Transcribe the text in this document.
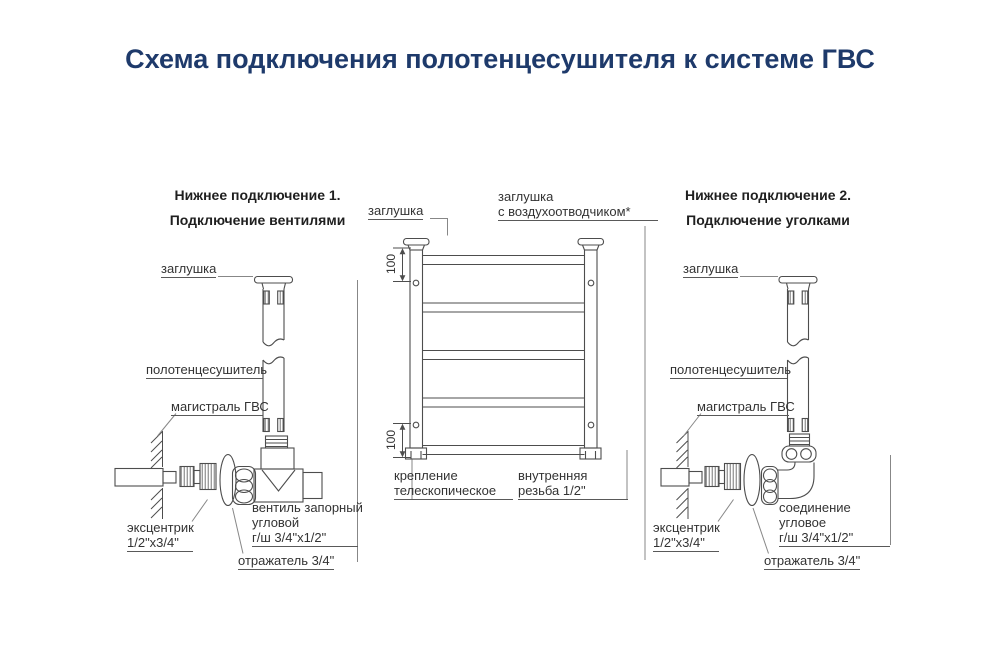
Схема подключения полотенцесушителя к системе ГВС
Нижнее подключение 1.
Подключение вентилями
Нижнее подключение 2.
Подключение уголками
заглушка
заглушка
с воздухоотводчиком*
100
100
крепление
телескопическое
внутренняя
резьба 1/2"
заглушка
полотенцесушитель
магистраль ГВС
эксцентрик
1/2"х3/4"
вентиль запорный
угловой
г/ш 3/4"х1/2"
отражатель 3/4"
заглушка
полотенцесушитель
магистраль ГВС
эксцентрик
1/2"х3/4"
соединение
угловое
г/ш 3/4"х1/2"
отражатель 3/4"
